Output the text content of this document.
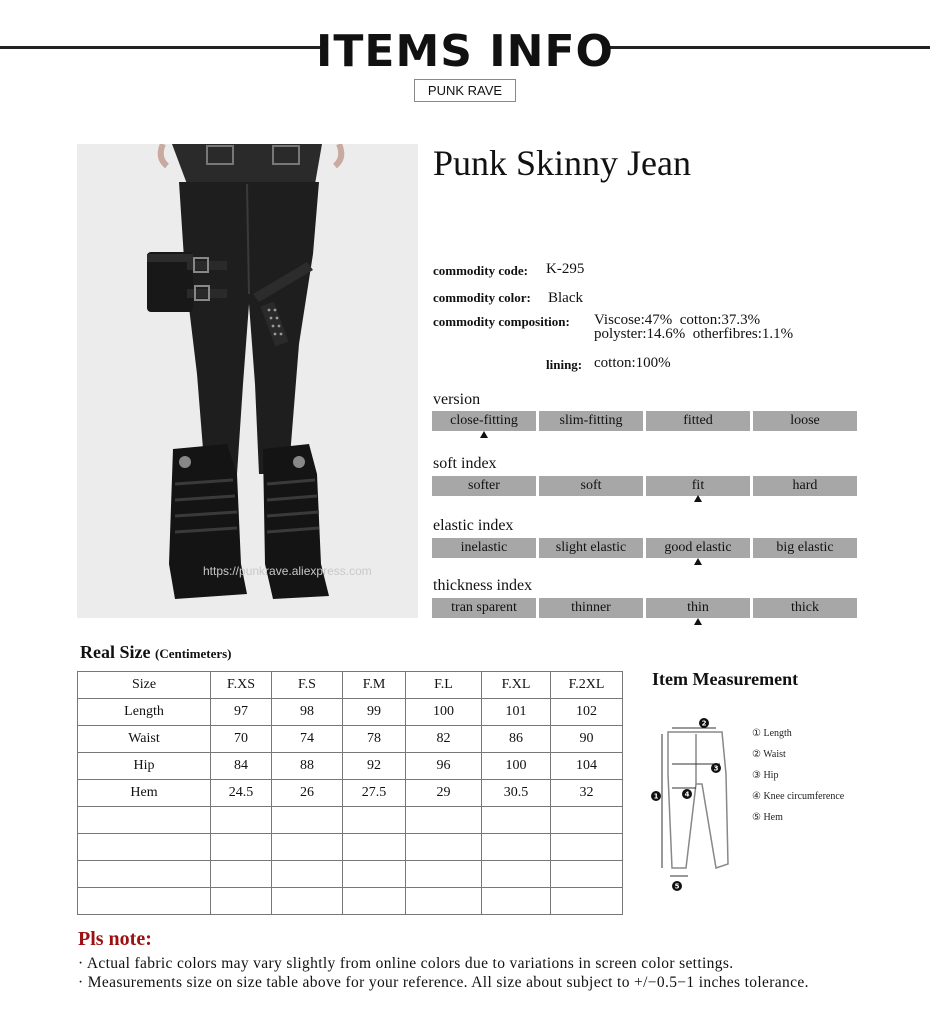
ITEMS INFO
PUNK RAVE
https://punkrave.aliexpress.com
Punk Skinny Jean
commodity code: K-295
commodity color: Black
commodity composition: Viscose:47%  cotton:37.3%
polyster:14.6%  otherfibres:1.1%
lining: cotton:100%
version
close-fitting	slim-fitting	fitted	loose
soft index
softer	soft	fit	hard
elastic index
inelastic	slight elastic	good elastic	big elastic
thickness index
tran sparent	thinner	thin	thick
Real Size (Centimeters)
Size	F.XS	F.S	F.M	F.L	F.XL	F.2XL
Length	97	98	99	100	101	102
Waist	70	74	78	82	86	90
Hip	84	88	92	96	100	104
Hem	24.5	26	27.5	29	30.5	32

Item Measurement
2
3
1	4
5
① Length
② Waist
③ Hip
④ Knee circumference
⑤ Hem
Pls note:
· Actual fabric colors may vary slightly from online colors due to variations in screen color settings.
· Measurements size on size table above for your reference. All size about subject to +/−0.5−1 inches tolerance.
